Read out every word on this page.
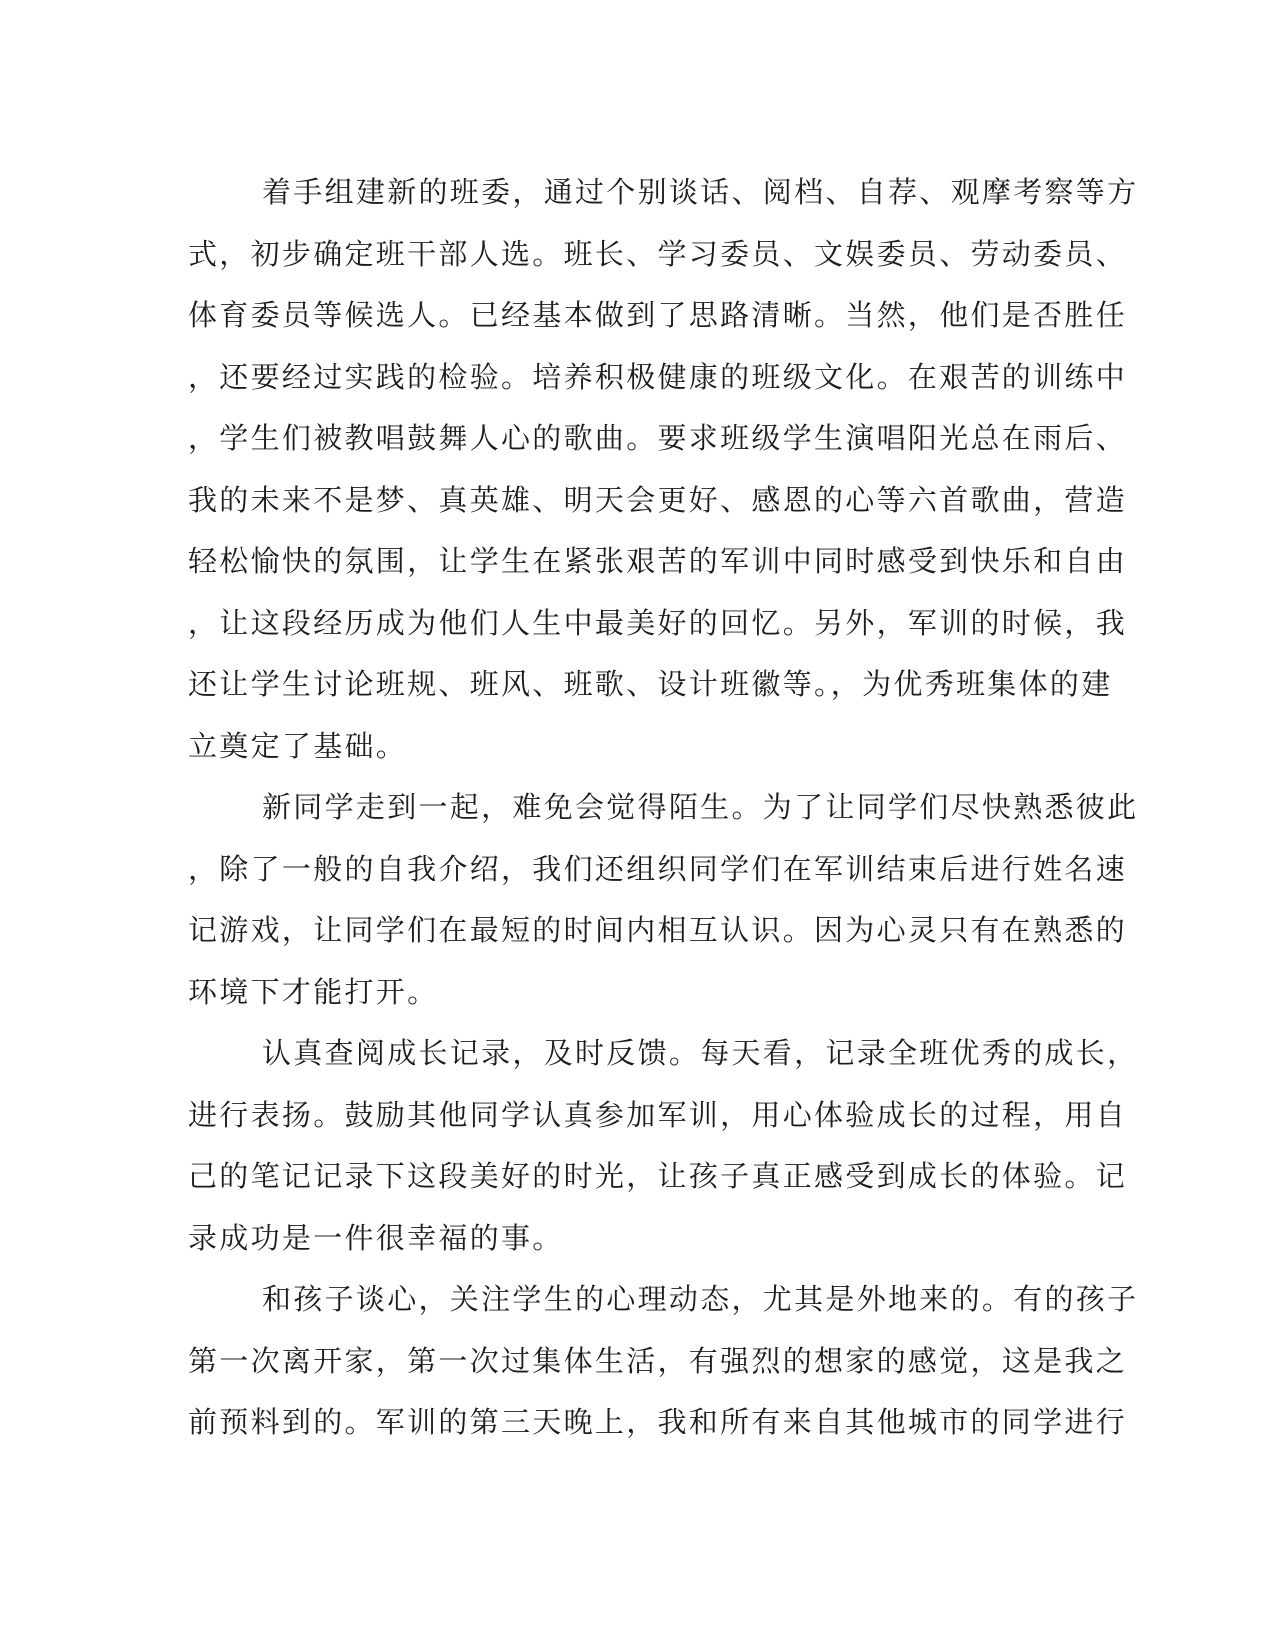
着手组建新的班委，通过个别谈话、阅档、自荐、观摩考察等方
式，初步确定班干部人选。班长、学习委员、文娱委员、劳动委员、
体育委员等候选人。已经基本做到了思路清晰。当然，他们是否胜任
，还要经过实践的检验。培养积极健康的班级文化。在艰苦的训练中
，学生们被教唱鼓舞人心的歌曲。要求班级学生演唱阳光总在雨后、
我的未来不是梦、真英雄、明天会更好、感恩的心等六首歌曲，营造
轻松愉快的氛围，让学生在紧张艰苦的军训中同时感受到快乐和自由
，让这段经历成为他们人生中最美好的回忆。另外，军训的时候，我
还让学生讨论班规、班风、班歌、设计班徽等。，为优秀班集体的建
立奠定了基础。

新同学走到一起，难免会觉得陌生。为了让同学们尽快熟悉彼此
，除了一般的自我介绍，我们还组织同学们在军训结束后进行姓名速
记游戏，让同学们在最短的时间内相互认识。因为心灵只有在熟悉的
环境下才能打开。

认真查阅成长记录，及时反馈。每天看，记录全班优秀的成长，
进行表扬。鼓励其他同学认真参加军训，用心体验成长的过程，用自
己的笔记记录下这段美好的时光，让孩子真正感受到成长的体验。记
录成功是一件很幸福的事。

和孩子谈心，关注学生的心理动态，尤其是外地来的。有的孩子
第一次离开家，第一次过集体生活，有强烈的想家的感觉，这是我之
前预料到的。军训的第三天晚上，我和所有来自其他城市的同学进行
